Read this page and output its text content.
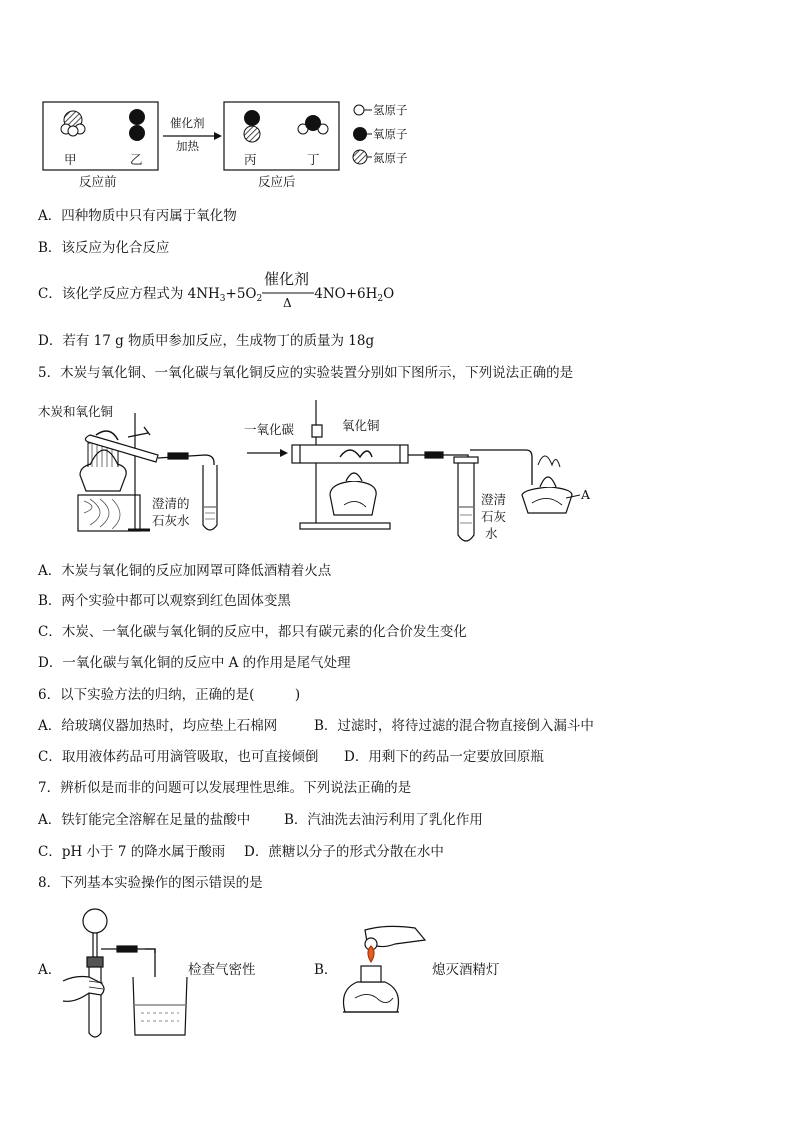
甲	乙	丙	丁
催化剂
加热
反应前	反应后
氢原子
氧原子
氮原子
A．四种物质中只有丙属于氧化物
B．该反应为化合反应
C．该化学反应方程式为 $4NH_3+5O_2$	$4NO+6H_2O$
催化剂
Δ
D．若有 17 g 物质甲参加反应，生成物丁的质量为 18g
5．木炭与氧化铜、一氧化碳与氧化铜反应的实验装置分别如下图所示，下列说法正确的是
木炭和氧化铜
澄清的
石灰水
一氧化碳	氧化铜
澄清
石灰
水
A
A．木炭与氧化铜的反应加网罩可降低酒精着火点
B．两个实验中都可以观察到红色固体变黑
C．木炭、一氧化碳与氧化铜的反应中，都只有碳元素的化合价发生变化
D．一氧化碳与氧化铜的反应中 A 的作用是尾气处理
6．以下实验方法的归纳，正确的是(　　　)
A．给玻璃仪器加热时，均应垫上石棉网	B．过滤时，将待过滤的混合物直接倒入漏斗中
C．取用液体药品可用滴管吸取，也可直接倾倒 D．用剩下的药品一定要放回原瓶
7．辨析似是而非的问题可以发展理性思维。下列说法正确的是
A．铁钉能完全溶解在足量的盐酸中	B．汽油洗去油污利用了乳化作用
C．pH 小于 7 的降水属于酸雨 D．蔗糖以分子的形式分散在水中
8．下列基本实验操作的图示错误的是
A．	检查气密性	B．	熄灭酒精灯
